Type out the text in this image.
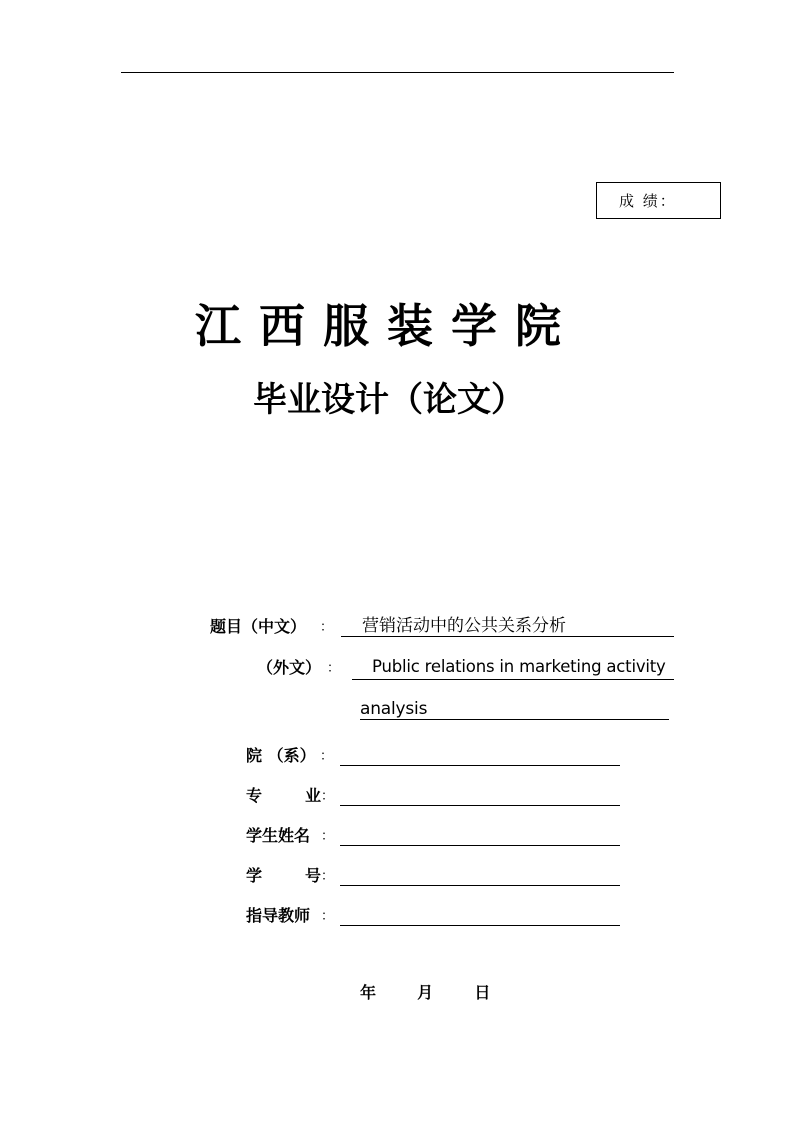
成 绩：
江西服装学院
毕业设计（论文）
题目（中文） ： 营销活动中的公共关系分析
（外文） ： Public relations in marketing activity
analysis
院 （系） ：
专	业 ：
学生姓名 ：
学	号 ：
指导教师 ：
年	月	日
